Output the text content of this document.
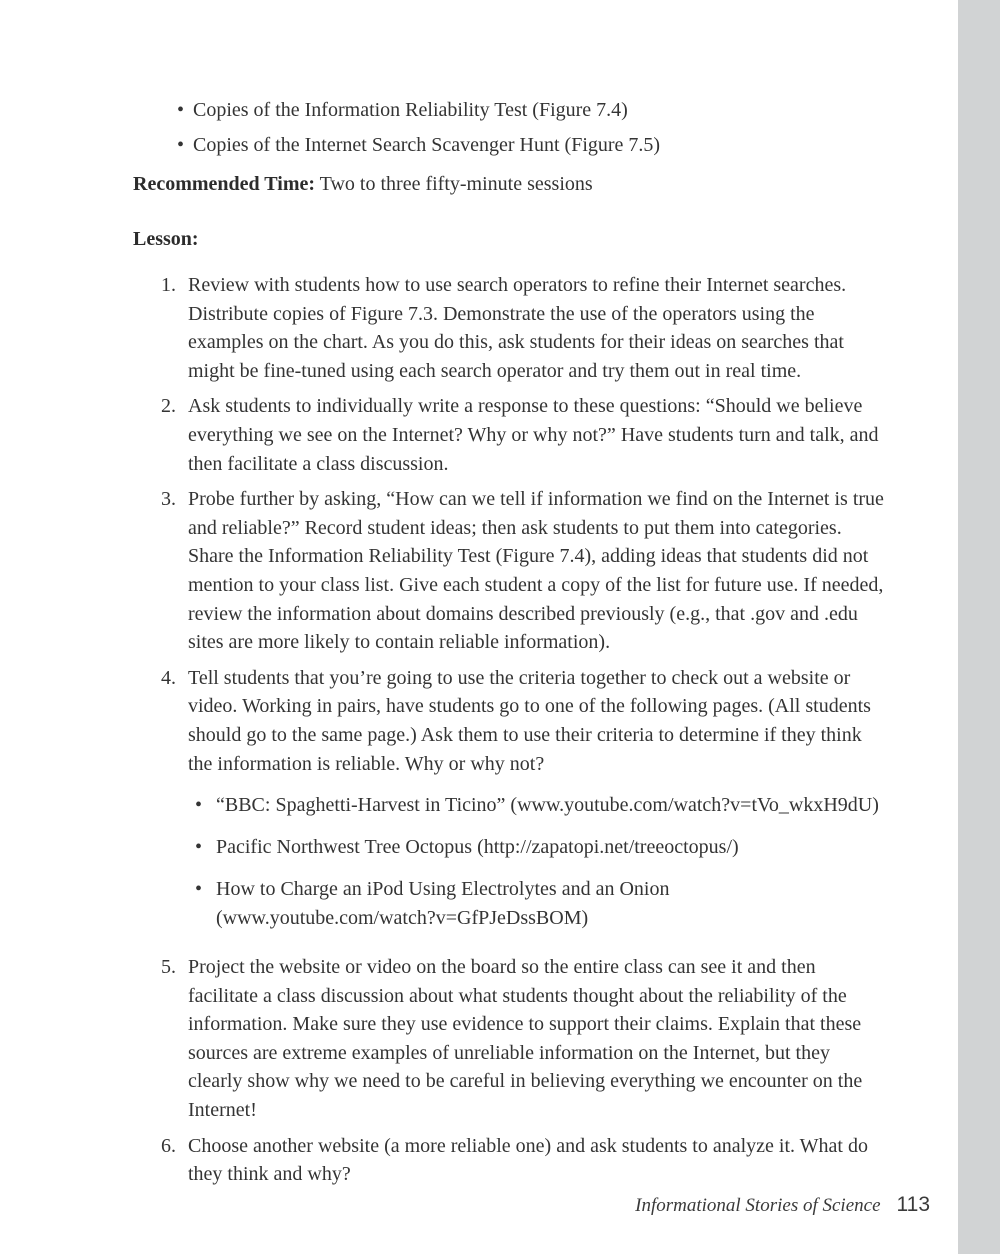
• Copies of the Information Reliability Test (Figure 7.4)
• Copies of the Internet Search Scavenger Hunt (Figure 7.5)

Recommended Time: Two to three fifty-minute sessions

Lesson:

1. Review with students how to use search operators to refine their Internet searches. Distribute copies of Figure 7.3. Demonstrate the use of the operators using the examples on the chart. As you do this, ask students for their ideas on searches that might be fine-tuned using each search operator and try them out in real time.

2. Ask students to individually write a response to these questions: “Should we believe everything we see on the Internet? Why or why not?” Have students turn and talk, and then facilitate a class discussion.

3. Probe further by asking, “How can we tell if information we find on the Internet is true and reliable?” Record student ideas; then ask students to put them into categories. Share the Information Reliability Test (Figure 7.4), adding ideas that students did not mention to your class list. Give each student a copy of the list for future use. If needed, review the information about domains described previously (e.g., that .gov and .edu sites are more likely to contain reliable information).

4. Tell students that you’re going to use the criteria together to check out a website or video. Working in pairs, have students go to one of the following pages. (All students should go to the same page.) Ask them to use their criteria to determine if they think the information is reliable. Why or why not?

• “BBC: Spaghetti-Harvest in Ticino” (www.youtube.com/watch?v=tVo_wkxH9dU)
• Pacific Northwest Tree Octopus (http://zapatopi.net/treeoctopus/)
• How to Charge an iPod Using Electrolytes and an Onion (www.youtube.com/watch?v=GfPJeDssBOM)
5. Project the website or video on the board so the entire class can see it and then facilitate a class discussion about what students thought about the reliability of the information. Make sure they use evidence to support their claims. Explain that these sources are extreme examples of unreliable information on the Internet, but they clearly show why we need to be careful in believing everything we encounter on the Internet!

6. Choose another website (a more reliable one) and ask students to analyze it. What do they think and why?

Informational Stories of Science 113
